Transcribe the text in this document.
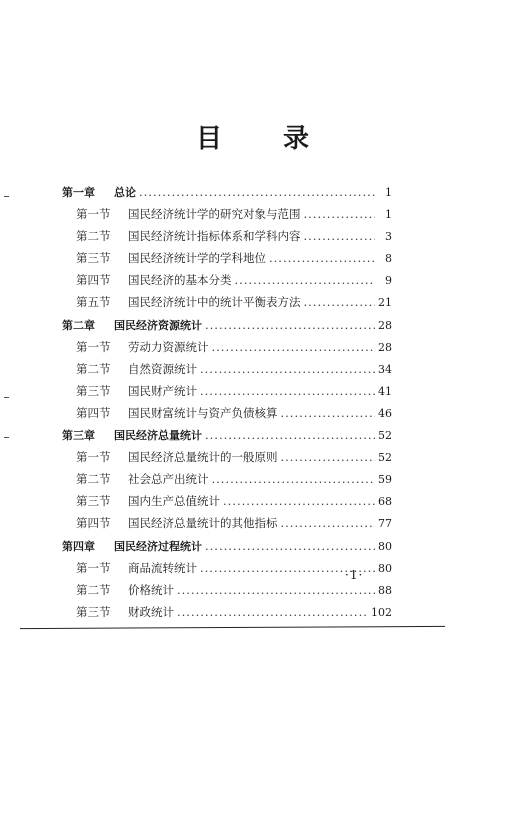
目 录
第一章	总论 .....	1
第一节	国民经济统计学的研究对象与范围 .....	1
第二节	国民经济统计指标体系和学科内容 .....	3
第三节	国民经济统计学的学科地位 .....	8
第四节	国民经济的基本分类 .....	9
第五节	国民经济统计中的统计平衡表方法 .....	21
第二章	国民经济资源统计 .....	28
第一节	劳动力资源统计 .....	28
第二节	自然资源统计 .....	34
第三节	国民财产统计 .....	41
第四节	国民财富统计与资产负债核算 .....	46
第三章	国民经济总量统计 .....	52
第一节	国民经济总量统计的一般原则 .....	52
第二节	社会总产出统计 .....	59
第三节	国内生产总值统计 .....	68
第四节	国民经济总量统计的其他指标 .....	77
第四章	国民经济过程统计 .....	80
第一节	商品流转统计 .....	80
第二节	价格统计 .....	88
第三节	财政统计 .....	102
·1·
